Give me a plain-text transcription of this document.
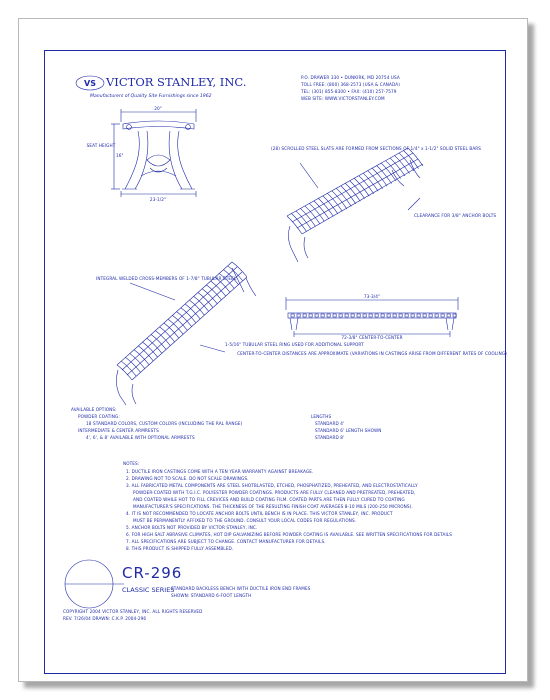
VS VICTOR STANLEY, INC.
Manufacturers of Quality Site Furnishings since 1962
P.O. DRAWER 330 • DUNKIRK, MD 20754 USA
TOLL FREE: (800) 368-2573 (USA & CANADA)
TEL: (301) 855-8300 • FAX: (410) 257-7579
WEB SITE: WWW.VICTORSTANLEY.COM
20"
SEAT HEIGHT
16"
23-1/2"
(28) SCROLLED STEEL SLATS ARE FORMED FROM SECTIONS OF 1/4" x 1-1/2" SOLID STEEL BARS
CLEARANCE FOR 3/8" ANCHOR BOLTS
INTEGRAL WELDED CROSS-MEMBERS OF 1-7/8" TUBULAR STEEL
1-5/16" TUBULAR STEEL RING USED FOR ADDITIONAL SUPPORT
73-3/4"
72-3/8" CENTER-TO-CENTER
CENTER-TO-CENTER DISTANCES ARE APPROXIMATE (VARIATIONS IN CASTINGS ARISE FROM DIFFERENT RATES OF COOLING)
AVAILABLE OPTIONS:
POWDER COATING:
18 STANDARD COLORS, CUSTOM COLORS (INCLUDING THE RAL RANGE)
INTERMEDIATE & CENTER ARMRESTS
4', 6', & 8' AVAILABLE WITH OPTIONAL ARMRESTS
LENGTHS
STANDARD 4'
STANDARD 6' LENGTH SHOWN
STANDARD 8'
NOTES:
1. DUCTILE IRON CASTINGS COME WITH A TEN YEAR WARRANTY AGAINST BREAKAGE.
2. DRAWING NOT TO SCALE. DO NOT SCALE DRAWINGS.
3. ALL FABRICATED METAL COMPONENTS ARE STEEL SHOTBLASTED, ETCHED, PHOSPHATIZED, PREHEATED, AND ELECTROSTATICALLY
POWDER-COATED WITH T.G.I.C. POLYESTER POWDER COATINGS. PRODUCTS ARE FULLY CLEANED AND PRETREATED, PREHEATED,
AND COATED WHILE HOT TO FILL CREVICES AND BUILD COATING FILM. COATED PARTS ARE THEN FULLY CURED TO COATING
MANUFACTURER'S SPECIFICATIONS. THE THICKNESS OF THE RESULTING FINISH COAT AVERAGES 8-10 MILS (200-250 MICRONS).
4. IT IS NOT RECOMMENDED TO LOCATE ANCHOR BOLTS UNTIL BENCH IS IN PLACE. THIS VICTOR STANLEY, INC. PRODUCT
MUST BE PERMANENTLY AFFIXED TO THE GROUND. CONSULT YOUR LOCAL CODES FOR REGULATIONS.
5. ANCHOR BOLTS NOT PROVIDED BY VICTOR STANLEY, INC.
6. FOR HIGH SALT ABRASIVE CLIMATES, HOT DIP GALVANIZING BEFORE POWDER COATING IS AVAILABLE. SEE WRITTEN SPECIFICATIONS FOR DETAILS
7. ALL SPECIFICATIONS ARE SUBJECT TO CHANGE. CONTACT MANUFACTURER FOR DETAILS.
8. THIS PRODUCT IS SHIPPED FULLY ASSEMBLED.
CR-296
CLASSIC SERIES
STANDARD BACKLESS BENCH WITH DUCTILE IRON END FRAMES
SHOWN: STANDARD 6-FOOT LENGTH
COPYRIGHT 2004 VICTOR STANLEY, INC. ALL RIGHTS RESERVED
REV. 7/26/04 DRAWN: C.K.P. 2004-296
